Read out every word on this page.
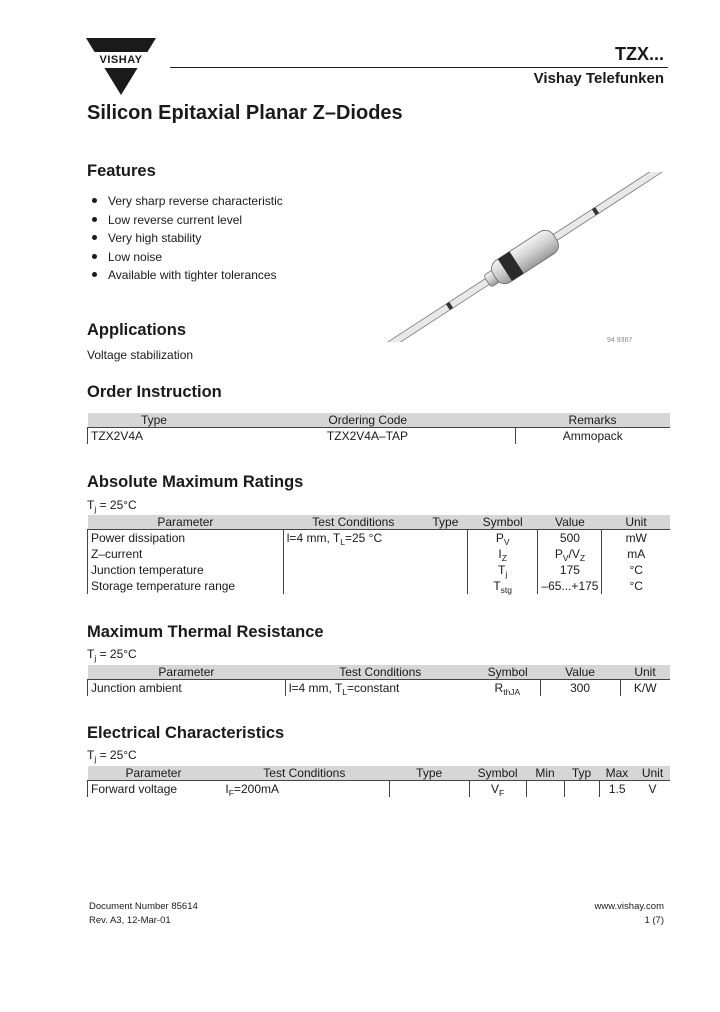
VISHAY	TZX...
Vishay Telefunken
Silicon Epitaxial Planar Z–Diodes
Features
Very sharp reverse characteristic
Low reverse current level
Very high stability
Low noise
Available with tighter tolerances
94 9367
Applications
Voltage stabilization
Order Instruction
Type	Ordering Code	Remarks
TZX2V4A	TZX2V4A–TAP	Ammopack
Absolute Maximum Ratings
$T_j = 25^\circ C$
Parameter	Test Conditions	Type	Symbol	Value	Unit
Power dissipation	l=4 mm, $T_L=25$ °C		$P_V$	500	mW
Z–current			$I_Z$	$P_V/V_Z$	mA
Junction temperature			$T_j$	175	°C
Storage temperature range			$T_{stg}$	–65...+175	°C
Maximum Thermal Resistance
$T_j = 25^\circ C$
Parameter	Test Conditions	Symbol	Value	Unit
Junction ambient	l=4 mm, $T_L=constant$	$R_{thJA}$	300	K/W
Electrical Characteristics
$T_j = 25^\circ C$
Parameter	Test Conditions	Type	Symbol	Min	Typ	Max	Unit
Forward voltage	$I_F=200mA$		$V_F$			1.5	V
Document Number 85614
Rev. A3, 12-Mar-01
www.vishay.com
1 (7)
